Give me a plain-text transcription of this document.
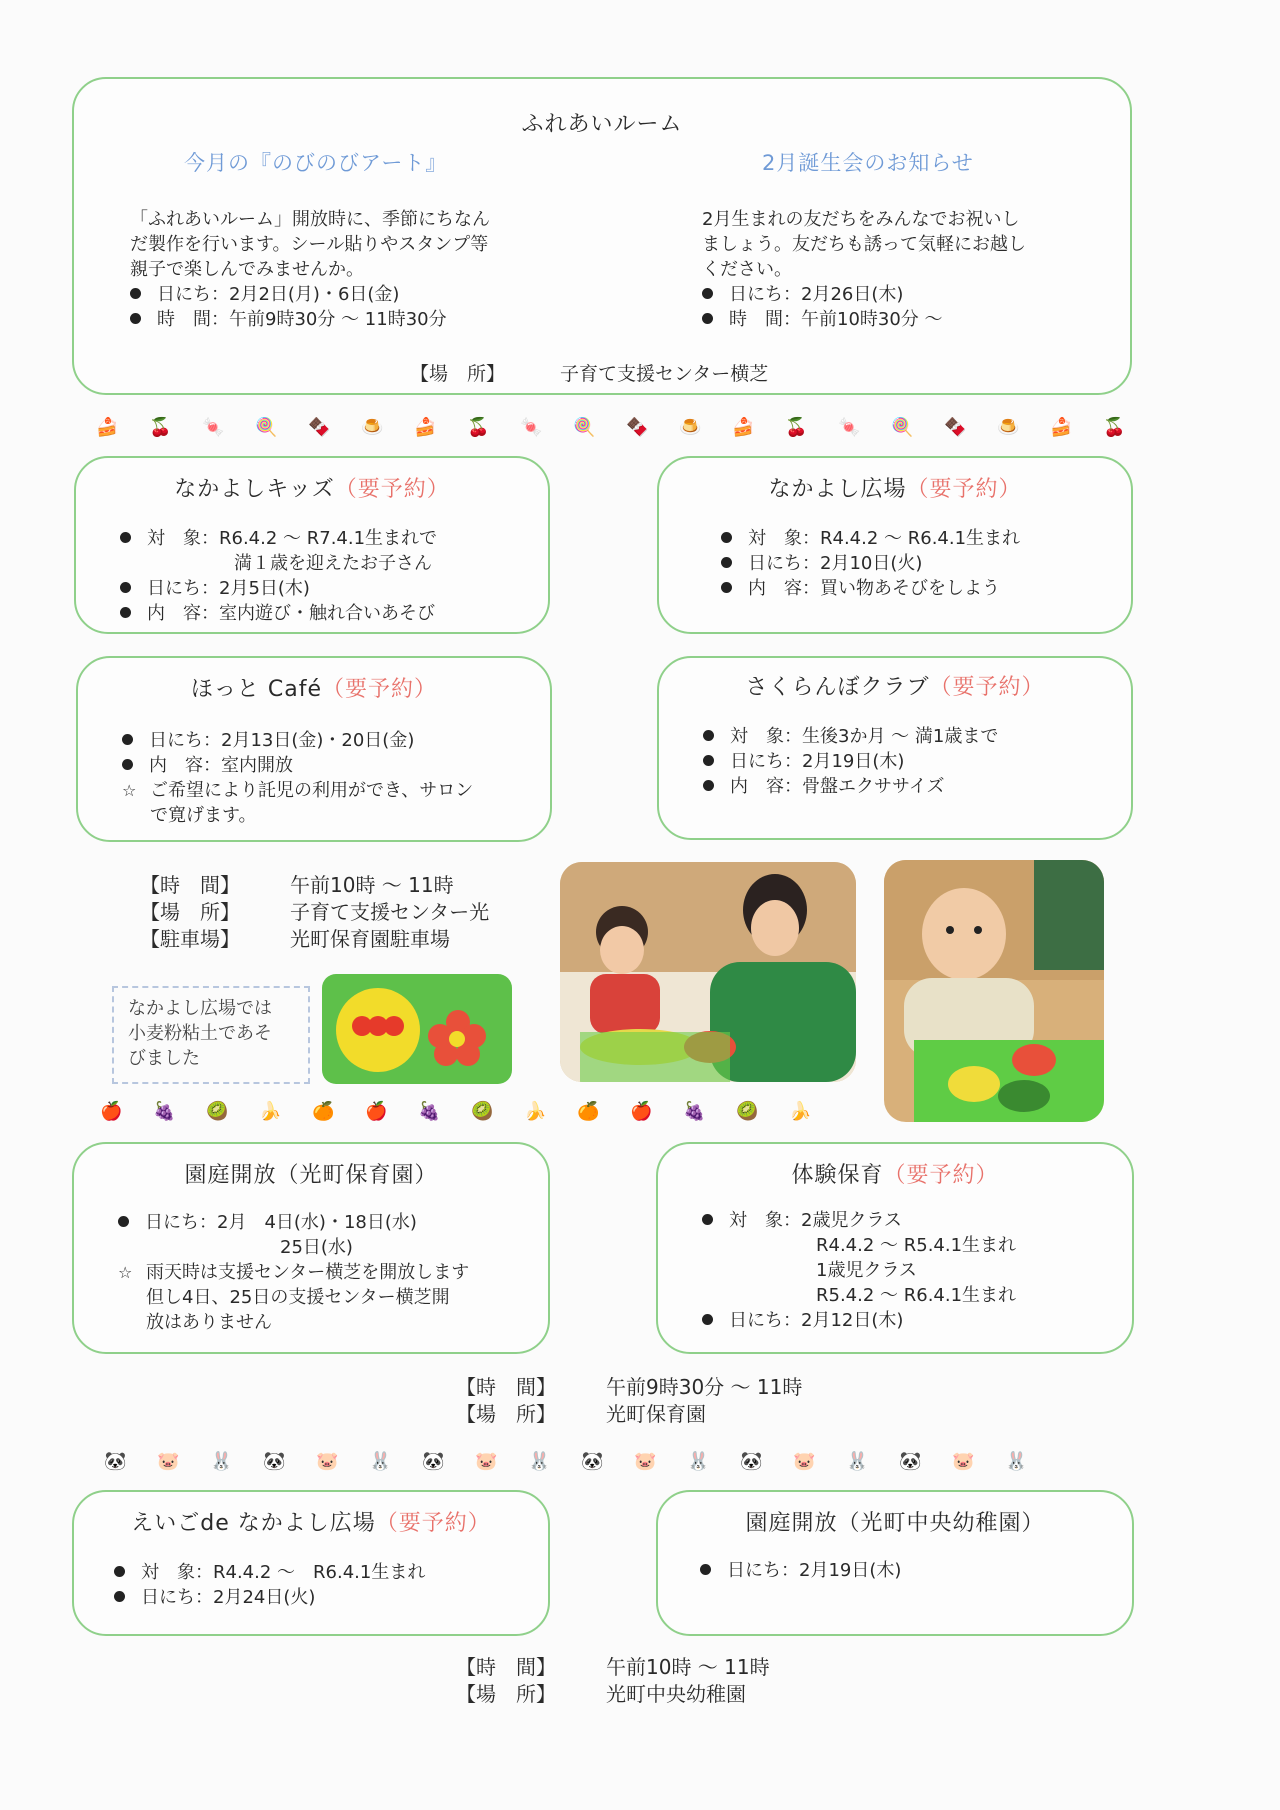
ふれあいルーム
今月の『のびのびアート』	2月誕生会のお知らせ
「ふれあいルーム」開放時に、季節にちなん
だ製作を行います。シール貼りやスタンプ等
親子で楽しんでみませんか。
日にち：2月2日(月)・6日(金)
時　間：午前9時30分 ～ 11時30分
2月生まれの友だちをみんなでお祝いし
ましょう。友だちも誘って気軽にお越し
ください。
日にち：2月26日(木)
時　間：午前10時30分 ～
【場　所】	子育て支援センター横芝
🍰 🍒 🍬 🍭 🍫 🍮 🍰 🍒 🍬 🍭 🍫 🍮 🍰 🍒 🍬 🍭 🍫 🍮 🍰 🍒
なかよしキッズ（要予約）
対　象：R6.4.2 ～ R7.4.1生まれで
満１歳を迎えたお子さん
日にち：2月5日(木)
内　容：室内遊び・触れ合いあそび
なかよし広場（要予約）
対　象：R4.4.2 ～ R6.4.1生まれ
日にち：2月10日(火)
内　容：買い物あそびをしよう
ほっと Café（要予約）
日にち：2月13日(金)・20日(金)
内　容：室内開放
☆ ご希望により託児の利用ができ、サロン
で寛げます。
さくらんぼクラブ（要予約）
対　象：生後3か月 ～ 満1歳まで
日にち：2月19日(木)
内　容：骨盤エクササイズ
【時　間】	午前10時 ～ 11時
【場　所】	子育て支援センター光
【駐車場】	光町保育園駐車場
なかよし広場では
小麦粉粘土であそ
びました
🍎 🍇 🥝 🍌 🍊 🍎 🍇 🥝 🍌 🍊 🍎 🍇 🥝 🍌
園庭開放（光町保育園）
日にち：2月　4日(水)・18日(水)
25日(水)
☆ 雨天時は支援センター横芝を開放します
但し4日、25日の支援センター横芝開
放はありません
体験保育（要予約）
対　象：2歳児クラス
R4.4.2 ～ R5.4.1生まれ
1歳児クラス
R5.4.2 ～ R6.4.1生まれ
日にち：2月12日(木)
【時　間】	午前9時30分 ～ 11時
【場　所】	光町保育園
🐼 🐷 🐰 🐼 🐷 🐰 🐼 🐷 🐰 🐼 🐷 🐰 🐼 🐷 🐰 🐼 🐷 🐰
えいごde なかよし広場（要予約）
対　象：R4.4.2 ～　R6.4.1生まれ
日にち：2月24日(火)
園庭開放（光町中央幼稚園）
日にち：2月19日(木)
【時　間】	午前10時 ～ 11時
【場　所】	光町中央幼稚園
